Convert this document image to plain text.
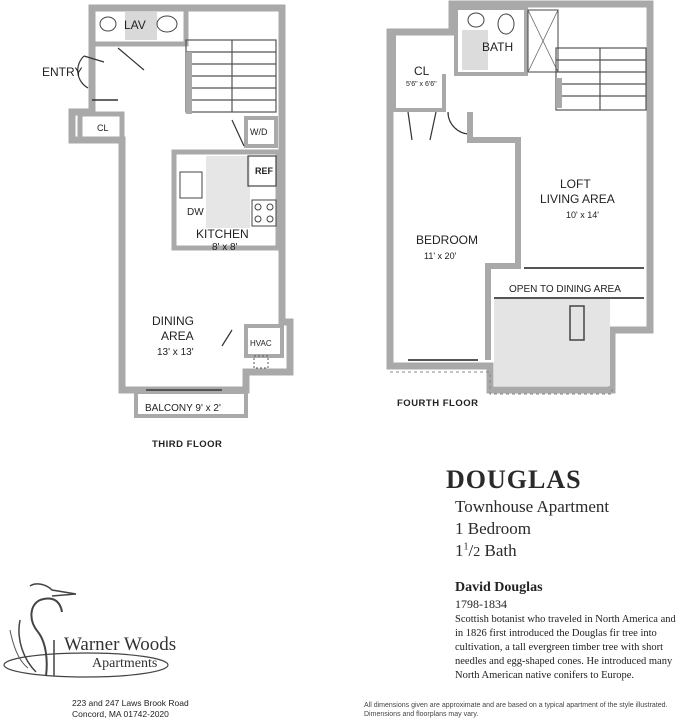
LAV
ENTRY
CL	W/D
REF
DW
KITCHEN
8' x 8'
DINING
AREA
13' x 13'
HVAC
BALCONY 9' x 2'
THIRD FLOOR
BATH
CL
5'6" x 6'6"
LOFT
LIVING AREA
10' x 14'
BEDROOM
11' x 20'
OPEN TO DINING AREA
FOURTH FLOOR
DOUGLAS
Townhouse Apartment
1 Bedroom
$1^1/2$ Bath
David Douglas
1798-1834
Scottish botanist who traveled in North America and in 1826 first introduced the Douglas fir tree into cultivation, a tall evergreen timber tree with short needles and egg-shaped cones. He introduced many North American native conifers to Europe.
Warner Woods
Apartments
223 and 247 Laws Brook Road
Concord, MA 01742-2020
All dimensions given are approximate and are based on a typical apartment of the style illustrated. Dimensions and floorplans may vary.
